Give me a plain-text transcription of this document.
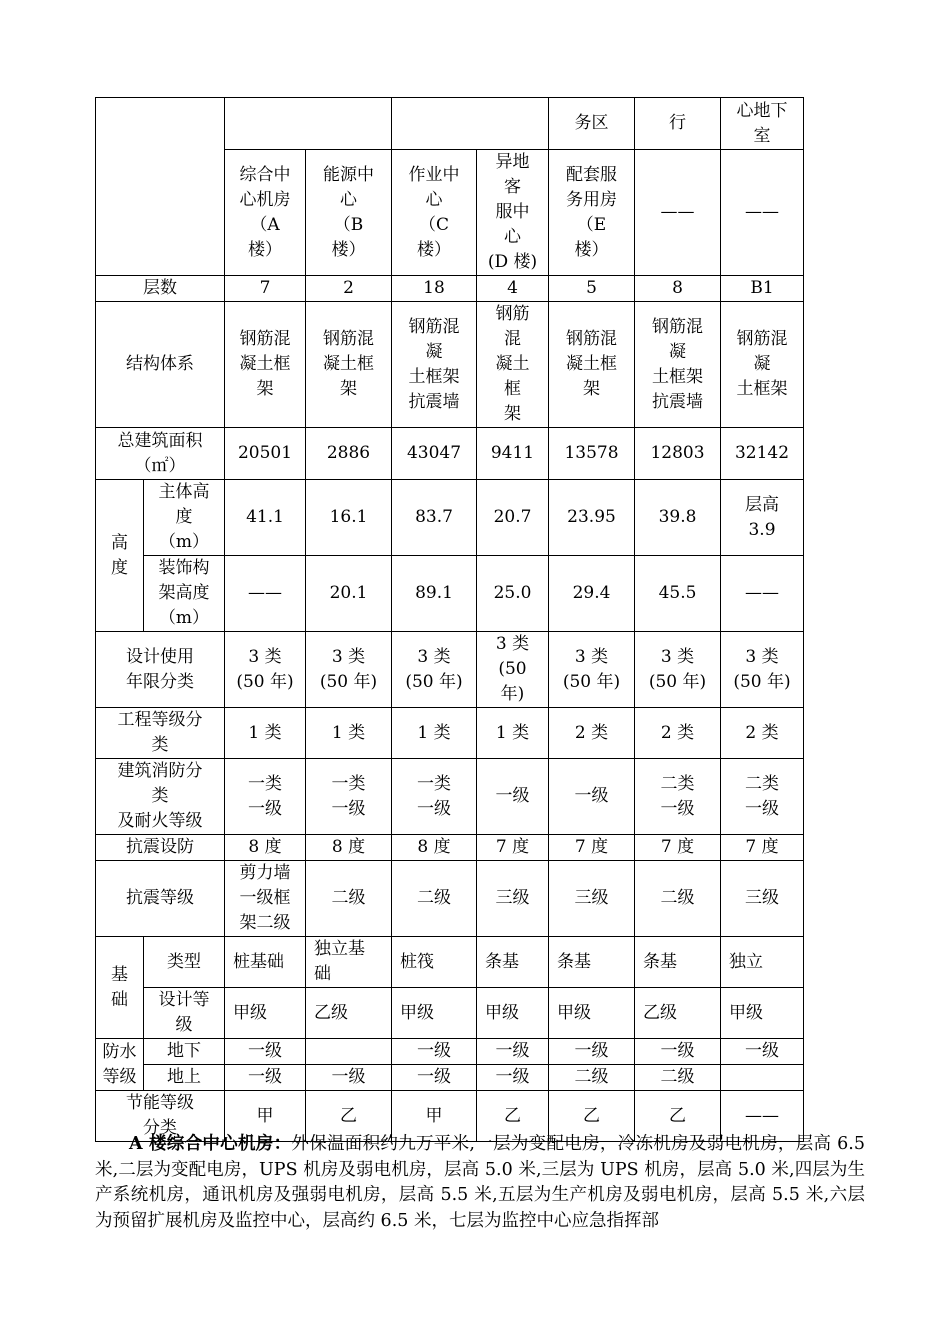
						务区	行	心地下
室
		综合中
心机房
（A
楼）	能源中
心
（B
楼）	作业中
心
（C
楼）	异地
客
服中
心
(D 楼)	配套服
务用房
（E
楼）	——	——
层数		7	2	18	4	5	8	B1
结构体系		钢筋混
凝土框
架	钢筋混
凝土框
架	钢筋混
凝
土框架
抗震墙	钢筋
混
凝土
框
架	钢筋混
凝土框
架	钢筋混
凝
土框架
抗震墙	钢筋混
凝
土框架
总建筑面积
（㎡）		20501	2886	43047	9411	13578	12803	32142
高
度	主体高
度
（m）	41.1	16.1	83.7	20.7	23.95	39.8	层高
3.9
	装饰构
架高度
（m）	——	20.1	89.1	25.0	29.4	45.5	——
设计使用
年限分类		3 类
(50 年)	3 类
(50 年)	3 类
(50 年)	3 类
(50
年)	3 类
(50 年)	3 类
(50 年)	3 类
(50 年)
工程等级分
类		1 类	1 类	1 类	1 类	2 类	2 类	2 类
建筑消防分
类
及耐火等级		一类
一级	一类
一级	一类
一级	一级	一级	二类
一级	二类
一级
抗震设防		8 度	8 度	8 度	7 度	7 度	7 度	7 度
抗震等级		剪力墙
一级框
架二级	二级	二级	三级	三级	二级	三级
基
础	类型	桩基础	独立基
础	桩筏	条基	条基	条基	独立
	设计等
级	甲级	乙级	甲级	甲级	甲级	乙级	甲级
防水
等级	地下	一级		一级	一级	一级	一级	一级
	地上	一级	一级	一级	一级	二级	二级	
节能等级
分类		甲	乙	甲	乙	乙	乙	——

A 楼综合中心机房：外保温面积约九万平米,一层为变配电房，冷冻机房及弱电机房，层高 6.5 米,二层为变配电房，UPS 机房及弱电机房，层高 5.0 米,三层为 UPS 机房，层高 5.0 米,四层为生产系统机房，通讯机房及强弱电机房，层高 5.5 米,五层为生产机房及弱电机房，层高 5.5 米,六层为预留扩展机房及监控中心，层高约 6.5 米，七层为监控中心应急指挥部
